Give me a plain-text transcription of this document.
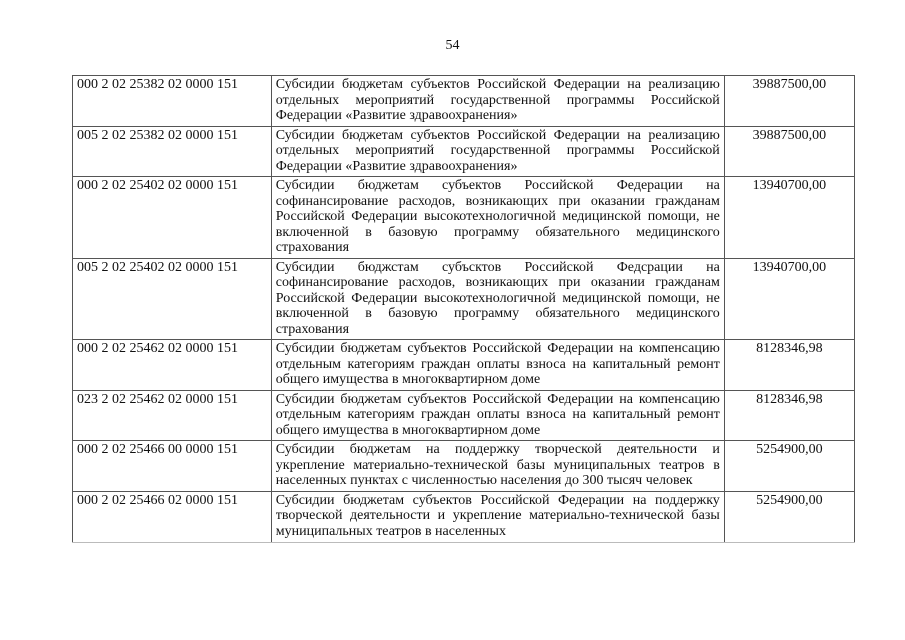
54
000 2 02 25382 02 0000 151	Субсидии бюджетам субъектов Российской Федерации на реализацию отдельных мероприятий государственной программы Российской Федерации «Развитие здравоохранения»	39887500,00
005 2 02 25382 02 0000 151	Субсидии бюджетам субъектов Российской Федерации на реализацию отдельных мероприятий государственной программы Российской Федерации «Развитие здравоохранения»	39887500,00
000 2 02 25402 02 0000 151	Субсидии бюджетам субъектов Российской Федерации на софинансирование расходов, возникающих при оказании гражданам Российской Федерации высокотехнологичной медицинской помощи, не включенной в базовую программу обязательного медицинского страхования	13940700,00
005 2 02 25402 02 0000 151	Субсидии бюджстам субъсктов Российской Федсрации на софинансирование расходов, возникающих при оказании гражданам Российской Федерации высокотехнологичной медицинской помощи, не включенной в базовую программу обязательного медицинского страхования	13940700,00
000 2 02 25462 02 0000 151	Субсидии бюджетам субъектов Российской Федерации на компенсацию отдельным категориям граждан оплаты взноса на капитальный ремонт общего имущества в многоквартирном доме	8128346,98
023 2 02 25462 02 0000 151	Субсидии бюджетам субъектов Российской Федерации на компенсацию отдельным категориям граждан оплаты взноса на капитальный ремонт общего имущества в многоквартирном доме	8128346,98
000 2 02 25466 00 0000 151	Субсидии бюджетам на поддержку творческой деятельности и укрепление материально-технической базы муниципальных театров в населенных пунктах с численностью населения до 300 тысяч человек	5254900,00
000 2 02 25466 02 0000 151	Субсидии бюджетам субъектов Российской Федерации на поддержку творческой деятельности и укрепление материально-технической базы муниципальных театров в населенных	5254900,00
